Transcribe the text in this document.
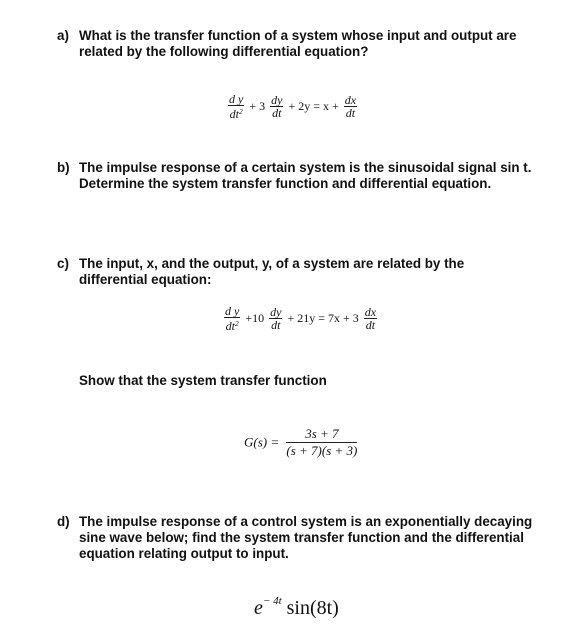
a) What is the transfer function of a system whose input and output are
related by the following differential equation?
$\frac{\text{d y}}{dt^2} + 3 \frac{dy}{dt} + 2y = x + \frac{dx}{dt}$
b) The impulse response of a certain system is the sinusoidal signal sin t.
Determine the system transfer function and differential equation.
c) The input, x, and the output, y, of a system are related by the
differential equation:
$\frac{\text{d y}}{dt^2} +10 \frac{dy}{dt} + 21y = 7x + 3 \frac{dx}{dt}$
Show that the system transfer function
$G(s) = \frac{3s + 7}{(s + 7)(s + 3)}$
d) The impulse response of a control system is an exponentially decaying
sine wave below; find the system transfer function and the differential
equation relating output to input.
$e^{- 4t}$ sin(8t)
